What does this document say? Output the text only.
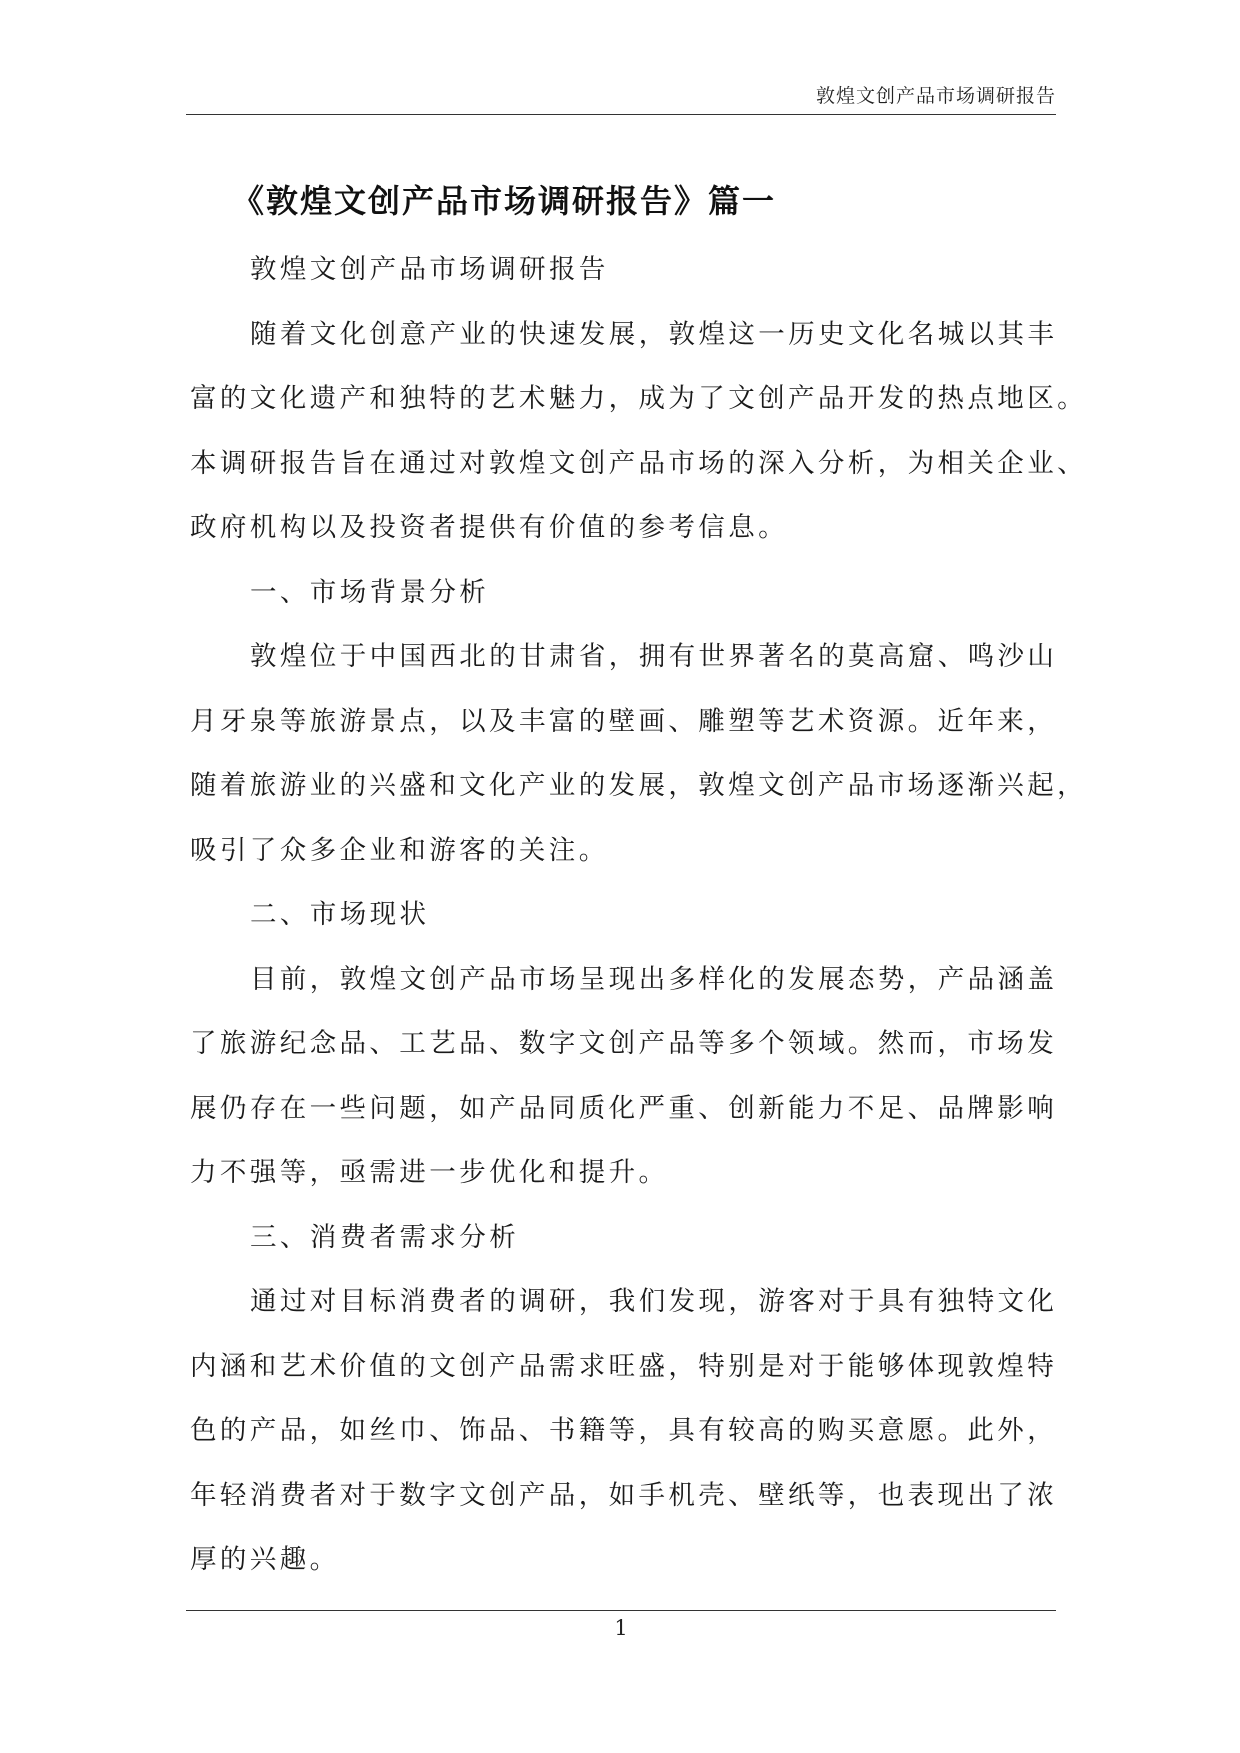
敦煌文创产品市场调研报告
《敦煌文创产品市场调研报告》篇一

敦煌文创产品市场调研报告

随着文化创意产业的快速发展，敦煌这一历史文化名城以其丰
富的文化遗产和独特的艺术魅力，成为了文创产品开发的热点地区。
本调研报告旨在通过对敦煌文创产品市场的深入分析，为相关企业、
政府机构以及投资者提供有价值的参考信息。

一、市场背景分析

敦煌位于中国西北的甘肃省，拥有世界著名的莫高窟、鸣沙山
月牙泉等旅游景点，以及丰富的壁画、雕塑等艺术资源。近年来，
随着旅游业的兴盛和文化产业的发展，敦煌文创产品市场逐渐兴起，
吸引了众多企业和游客的关注。

二、市场现状

目前，敦煌文创产品市场呈现出多样化的发展态势，产品涵盖
了旅游纪念品、工艺品、数字文创产品等多个领域。然而，市场发
展仍存在一些问题，如产品同质化严重、创新能力不足、品牌影响
力不强等，亟需进一步优化和提升。

三、消费者需求分析

通过对目标消费者的调研，我们发现，游客对于具有独特文化
内涵和艺术价值的文创产品需求旺盛，特别是对于能够体现敦煌特
色的产品，如丝巾、饰品、书籍等，具有较高的购买意愿。此外，
年轻消费者对于数字文创产品，如手机壳、壁纸等，也表现出了浓
厚的兴趣。

1
